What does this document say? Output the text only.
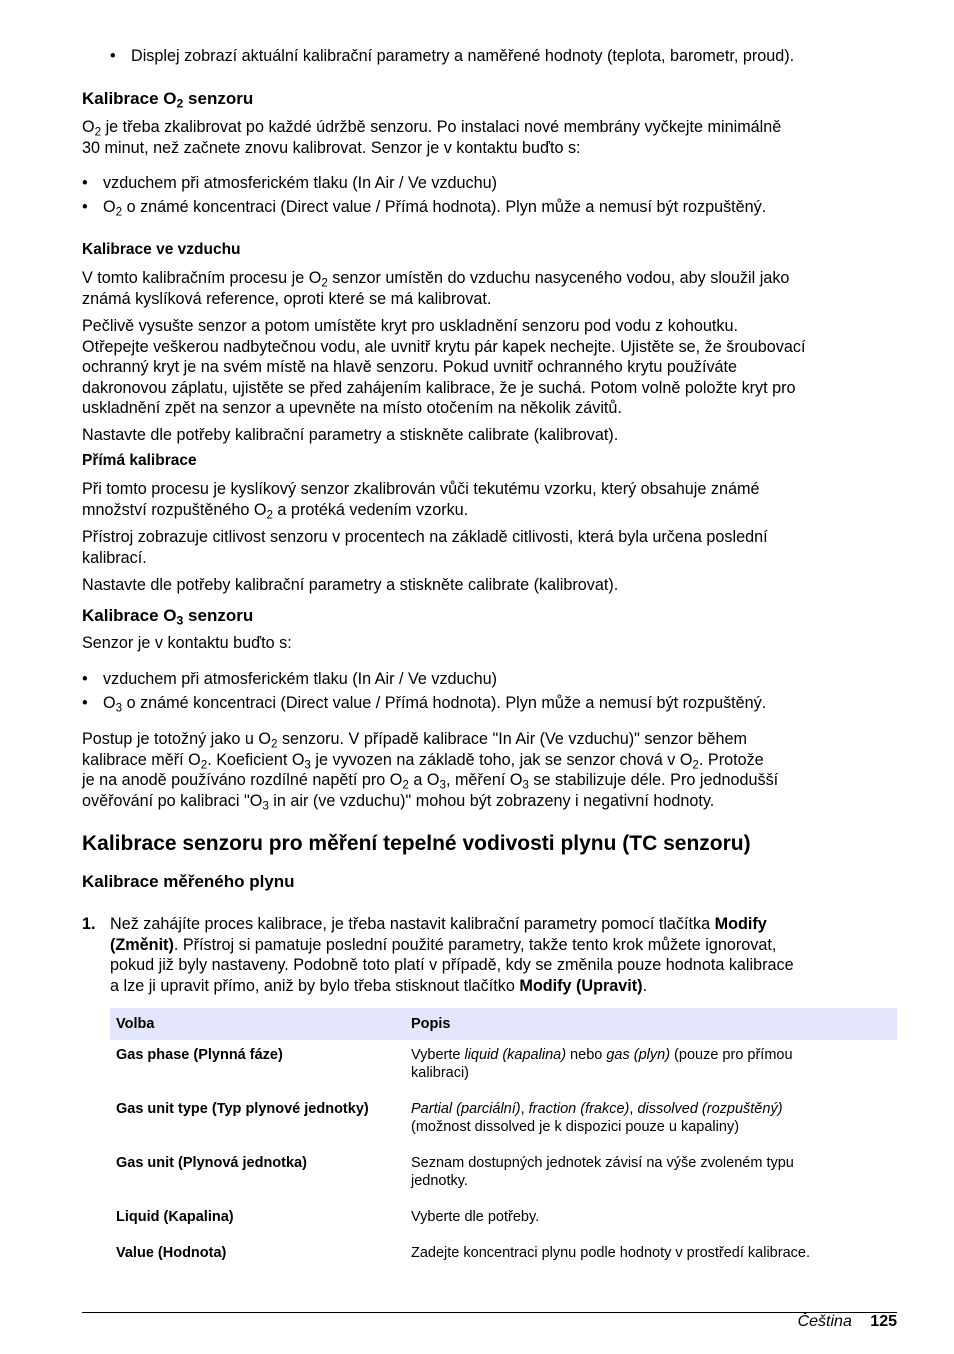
• Displej zobrazí aktuální kalibrační parametry a naměřené hodnoty (teplota, barometr, proud).
Kalibrace $O_2$ senzoru
$O_2$ je třeba zkalibrovat po každé údržbě senzoru. Po instalaci nové membrány vyčkejte minimálně
30 minut, než začnete znovu kalibrovat. Senzor je v kontaktu buďto s:
• vzduchem při atmosferickém tlaku (In Air / Ve vzduchu)
• $O_2$ o známé koncentraci (Direct value / Přímá hodnota). Plyn může a nemusí být rozpuštěný.
Kalibrace ve vzduchu
V tomto kalibračním procesu je $O_2$ senzor umístěn do vzduchu nasyceného vodou, aby sloužil jako
známá kyslíková reference, oproti které se má kalibrovat.
Pečlivě vysušte senzor a potom umístěte kryt pro uskladnění senzoru pod vodu z kohoutku.
Otřepejte veškerou nadbytečnou vodu, ale uvnitř krytu pár kapek nechejte. Ujistěte se, že šroubovací
ochranný kryt je na svém místě na hlavě senzoru. Pokud uvnitř ochranného krytu používáte
dakronovou záplatu, ujistěte se před zahájením kalibrace, že je suchá. Potom volně položte kryt pro
uskladnění zpět na senzor a upevněte na místo otočením na několik závitů.
Nastavte dle potřeby kalibrační parametry a stiskněte calibrate (kalibrovat).
Přímá kalibrace
Při tomto procesu je kyslíkový senzor zkalibrován vůči tekutému vzorku, který obsahuje známé
množství rozpuštěného $O_2$ a protéká vedením vzorku.
Přístroj zobrazuje citlivost senzoru v procentech na základě citlivosti, která byla určena poslední
kalibrací.
Nastavte dle potřeby kalibrační parametry a stiskněte calibrate (kalibrovat).
Kalibrace $O_3$ senzoru
Senzor je v kontaktu buďto s:
• vzduchem při atmosferickém tlaku (In Air / Ve vzduchu)
• $O_3$ o známé koncentraci (Direct value / Přímá hodnota). Plyn může a nemusí být rozpuštěný.
Postup je totožný jako u $O_2$ senzoru. V případě kalibrace "In Air (Ve vzduchu)" senzor během
kalibrace měří $O_2$. Koeficient $O_3$ je vyvozen na základě toho, jak se senzor chová v $O_2$. Protože
je na anodě používáno rozdílné napětí pro $O_2$ a $O_3$, měření $O_3$ se stabilizuje déle. Pro jednodušší
ověřování po kalibraci "$O_3$ in air (ve vzduchu)" mohou být zobrazeny i negativní hodnoty.
Kalibrace senzoru pro měření tepelné vodivosti plynu (TC senzoru)
Kalibrace měřeného plynu
1. Než zahájíte proces kalibrace, je třeba nastavit kalibrační parametry pomocí tlačítka Modify
(Změnit). Přístroj si pamatuje poslední použité parametry, takže tento krok můžete ignorovat,
pokud již byly nastaveny. Podobně toto platí v případě, kdy se změnila pouze hodnota kalibrace
a lze ji upravit přímo, aniž by bylo třeba stisknout tlačítko Modify (Upravit).
Volba	Popis
Gas phase (Plynná fáze)	Vyberte liquid (kapalina) nebo gas (plyn) (pouze pro přímou
kalibraci)
Gas unit type (Typ plynové jednotky)	Partial (parciální), fraction (frakce), dissolved (rozpuštěný)
(možnost dissolved je k dispozici pouze u kapaliny)
Gas unit (Plynová jednotka)	Seznam dostupných jednotek závisí na výše zvoleném typu
jednotky.
Liquid (Kapalina)	Vyberte dle potřeby.
Value (Hodnota)	Zadejte koncentraci plynu podle hodnoty v prostředí kalibrace.
Čeština 125
